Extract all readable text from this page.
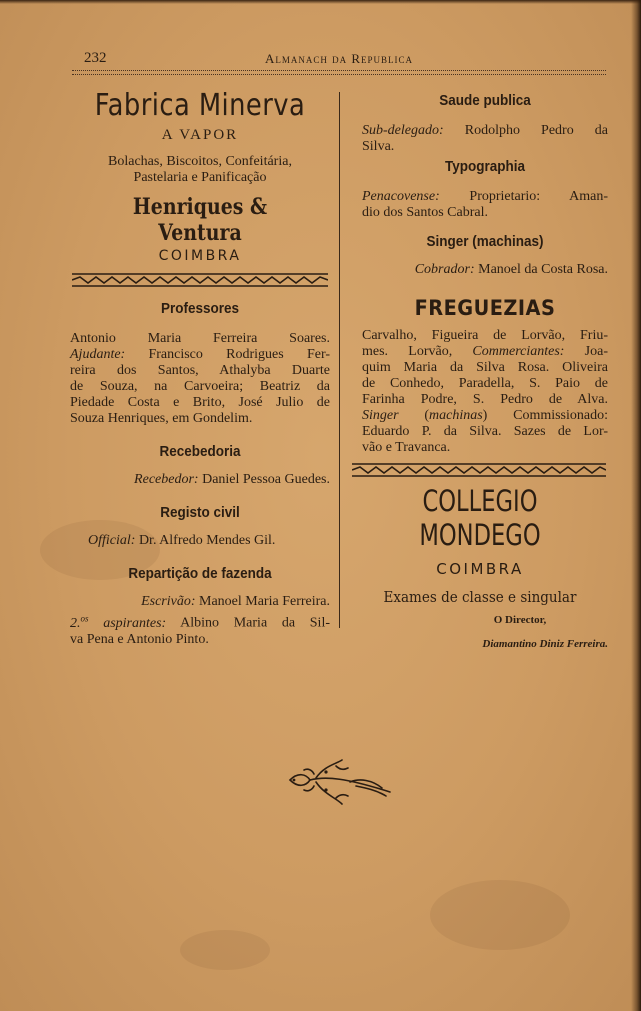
232	Almanach da Republica

Fabrica Minerva

A VAPOR

Bolachas, Biscoitos, Confeitária,

Pastelaria e Panificação

Henriques & Ventura

COIMBRA

Professores

Antonio Maria Ferreira Soares.
Ajudante: Francisco Rodrigues Fer-
reira dos Santos, Athalyba Duarte
de Souza, na Carvoeira; Beatriz da
Piedade Costa e Brito, José Julio de
Souza Henriques, em Gondelim.

Recebedoria

Recebedor: Daniel Pessoa Guedes.

Registo civil

Official: Dr. Alfredo Mendes Gil.

Repartição de fazenda

Escrivão: Manoel Maria Ferreira.
2.$^{os}$ aspirantes: Albino Maria da Sil-
va Pena e Antonio Pinto.

Saude publica

Sub-delegado: Rodolpho Pedro da
Silva.

Typographia

Penacovense: Proprietario: Aman-
dio dos Santos Cabral.

Singer (machinas)

Cobrador: Manoel da Costa Rosa.

FREGUEZIAS

Carvalho, Figueira de Lorvão, Friu-
mes. Lorvão, Commerciantes: Joa-
quim Maria da Silva Rosa. Oliveira
de Conhedo, Paradella, S. Paio de
Farinha Podre, S. Pedro de Alva.
Singer (machinas) Commissionado:
Eduardo P. da Silva. Sazes de Lor-
vão e Travanca.

COLLEGIO MONDEGO

COIMBRA

Exames de classe e singular

O Director,

Diamantino Diniz Ferreira.
